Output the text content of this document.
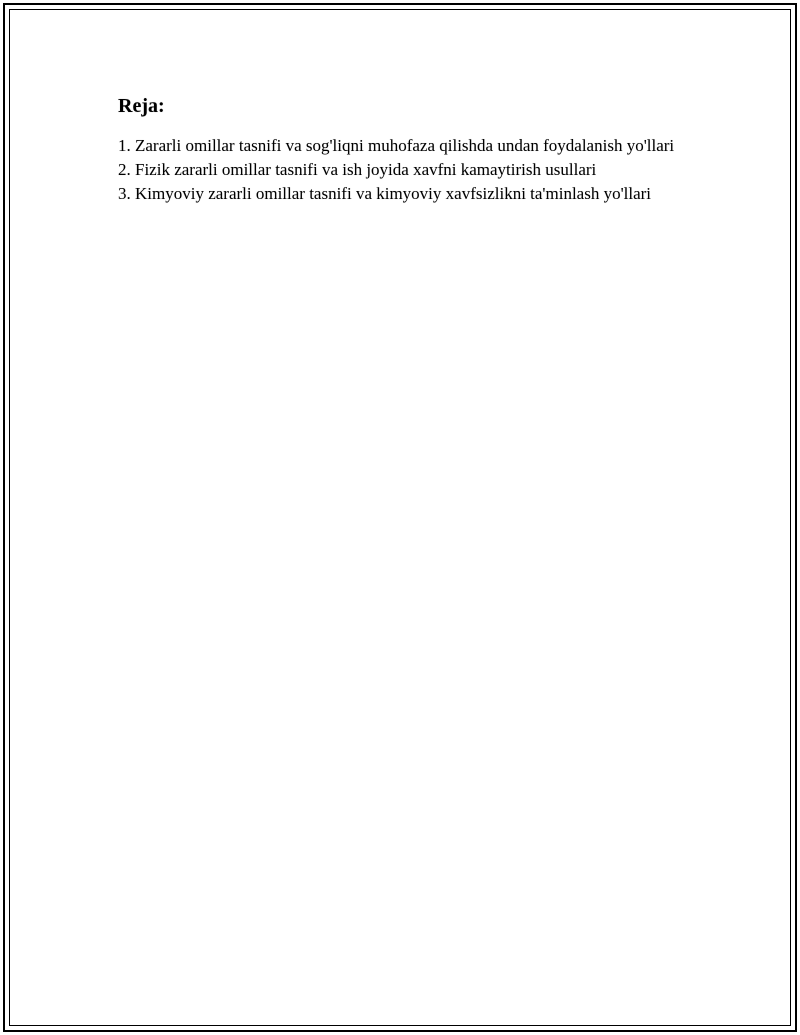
Reja:
1. Zararli omillar tasnifi va sog'liqni muhofaza qilishda undan foydalanish yo'llari
2. Fizik zararli omillar tasnifi va ish joyida xavfni kamaytirish usullari
3. Kimyoviy zararli omillar tasnifi va kimyoviy xavfsizlikni ta'minlash yo'llari
